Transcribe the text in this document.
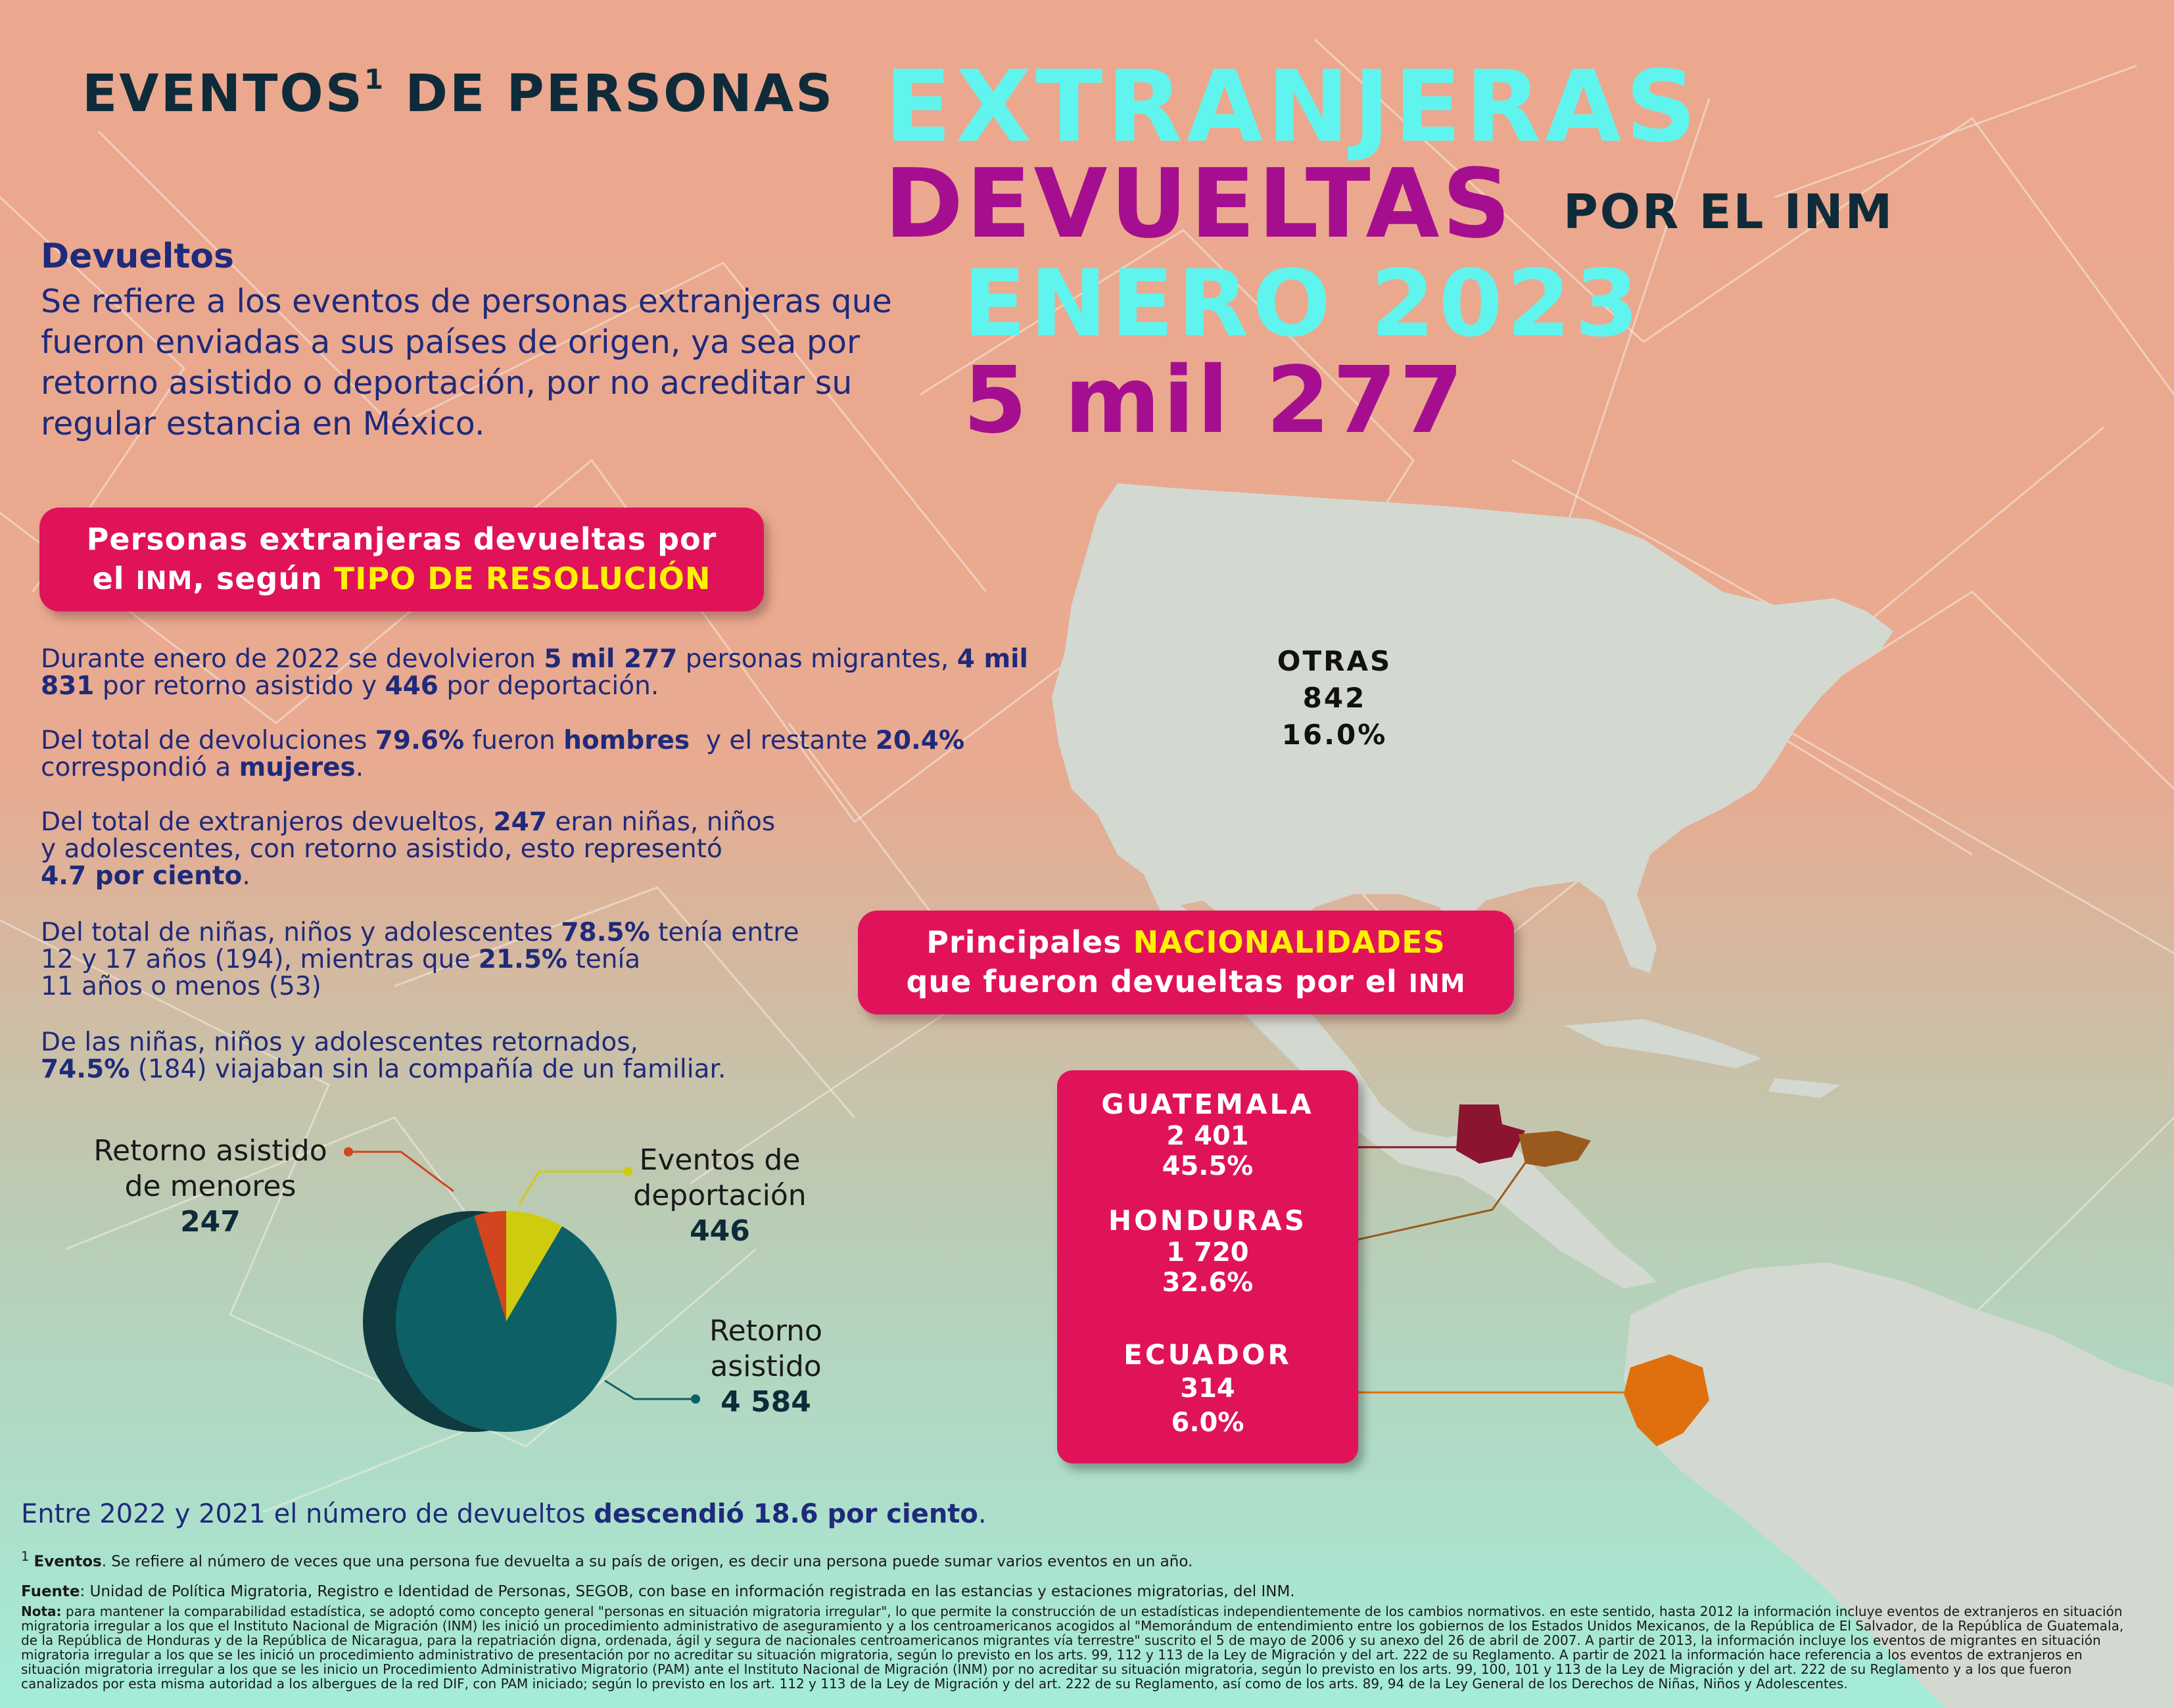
EVENTOS$^1$ DE PERSONAS EXTRANJERAS
DEVUELTAS POR EL INM
ENERO 2023
5 mil 277
Devueltos
Se refiere a los eventos de personas extranjeras que fueron enviadas a sus países de origen, ya sea por retorno asistido o deportación, por no acreditar su regular estancia en México.
Personas extranjeras devueltas por
el INM, según TIPO DE RESOLUCIÓN
Durante enero de 2022 se devolvieron 5 mil 277 personas migrantes, 4 mil 831 por retorno asistido y 446 por deportación.
Del total de devoluciones 79.6% fueron hombres  y el restante 20.4%
correspondió a mujeres.
Del total de extranjeros devueltos, 247 eran niñas, niños
y adolescentes, con retorno asistido, esto representó
4.7 por ciento.
Del total de niñas, niños y adolescentes 78.5% tenía entre
12 y 17 años (194), mientras que 21.5% tenía
11 años o menos (53)
De las niñas, niños y adolescentes retornados,
74.5% (184) viajaban sin la compañía de un familiar.
Retorno asistido
de menores
247
Eventos de
deportación
446
Retorno
asistido
4 584
OTRAS
842
16.0%
Principales NACIONALIDADES
que fueron devueltas por el INM
GUATEMALA
2 401
45.5%
HONDURAS
1 720
32.6%
ECUADOR
314
6.0%
Entre 2022 y 2021 el número de devueltos descendió 18.6 por ciento.
$^1$ Eventos. Se refiere al número de veces que una persona fue devuelta a su país de origen, es decir una persona puede sumar varios eventos en un año.
Fuente: Unidad de Política Migratoria, Registro e Identidad de Personas, SEGOB, con base en información registrada en las estancias y estaciones migratorias, del INM.
Nota: para mantener la comparabilidad estadística, se adoptó como concepto general "personas en situación migratoria irregular", lo que permite la construcción de un estadísticas independientemente de los cambios normativos. en este sentido, hasta 2012 la información incluye eventos de extranjeros en situación migratoria irregular a los que el Instituto Nacional de Migración (INM) les inició un procedimiento administrativo de aseguramiento y a los centroamericanos acogidos al "Memorándum de entendimiento entre los gobiernos de los Estados Unidos Mexicanos, de la República de El Salvador, de la República de Guatemala, de la República de Honduras y de la República de Nicaragua, para la repatriación digna, ordenada, ágil y segura de nacionales centroamericanos migrantes vía terrestre" suscrito el 5 de mayo de 2006 y su anexo del 26 de abril de 2007. A partir de 2013, la información incluye los eventos de migrantes en situación migratoria irregular a los que se les inició un procedimiento administrativo de presentación por no acreditar su situación migratoria, según lo previsto en los arts. 99, 112 y 113 de la Ley de Migración y del art. 222 de su Reglamento. A partir de 2021 la información hace referencia a los eventos de extranjeros en situación migratoria irregular a los que se les inicio un Procedimiento Administrativo Migratorio (PAM) ante el Instituto Nacional de Migración (INM) por no acreditar su situación migratoria, según lo previsto en los arts. 99, 100, 101 y 113 de la Ley de Migración y del art. 222 de su Reglamento y a los que fueron canalizados por esta misma autoridad a los albergues de la red DIF, con PAM iniciado; según lo previsto en los art. 112 y 113 de la Ley de Migración y del art. 222 de su Reglamento, así como de los arts. 89, 94 de la Ley General de los Derechos de Niñas, Niños y Adolescentes.
